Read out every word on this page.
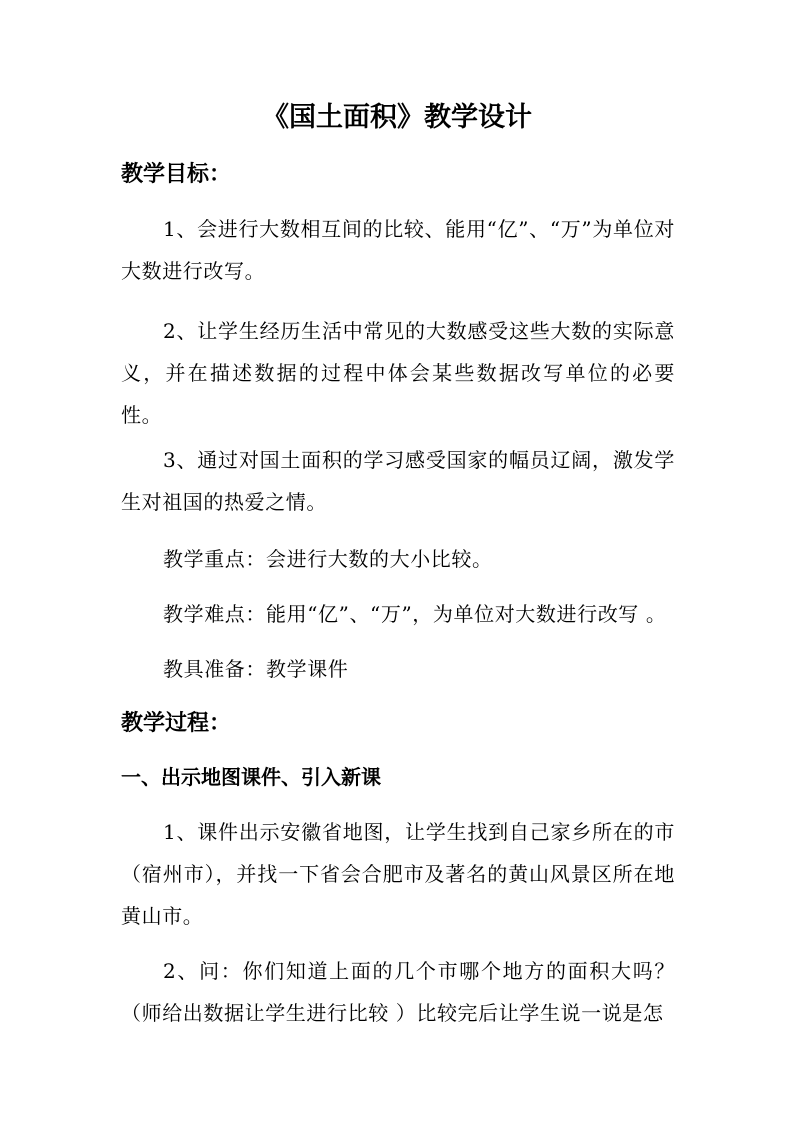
《国土面积》教学设计
教学目标：
1、会进行大数相互间的比较、能用“亿”、“万”为单位对大数进行改写。
2、让学生经历生活中常见的大数感受这些大数的实际意义，并在描述数据的过程中体会某些数据改写单位的必要性。
3、通过对国土面积的学习感受国家的幅员辽阔，激发学生对祖国的热爱之情。
教学重点：会进行大数的大小比较。
教学难点：能用“亿”、“万”，为单位对大数进行改写 。
教具准备：教学课件
教学过程：
一、出示地图课件、引入新课
1、课件出示安徽省地图，让学生找到自己家乡所在的市（宿州市），并找一下省会合肥市及著名的黄山风景区所在地黄山市。
2、问：你们知道上面的几个市哪个地方的面积大吗？（师给出数据让学生进行比较 ）比较完后让学生说一说是怎
